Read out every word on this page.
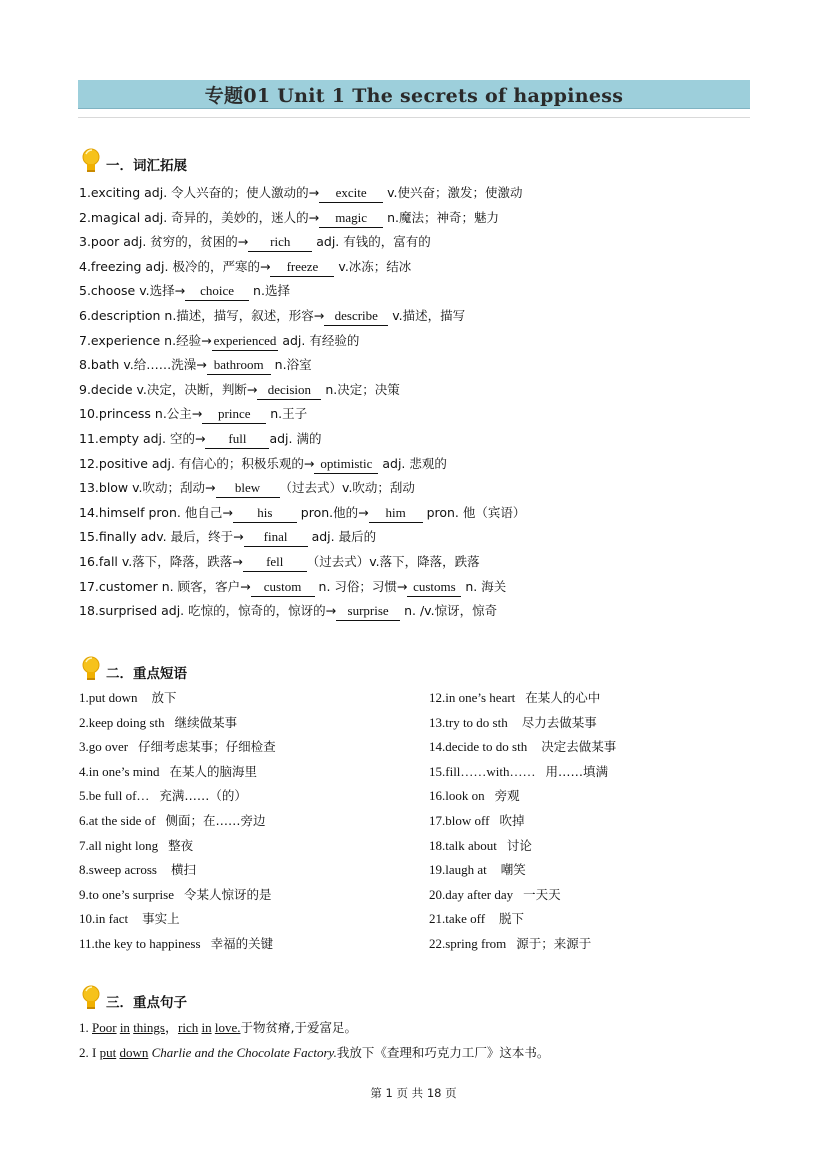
专题01 Unit 1 The secrets of happiness
一．词汇拓展
1.exciting adj. 令人兴奋的；使人激动的→ excite v.使兴奋；激发；使激动
2.magical adj. 奇异的，美妙的，迷人的→ magic n.魔法；神奇；魅力
3.poor adj. 贫穷的，贫困的→ rich adj. 有钱的，富有的
4.freezing adj. 极冷的，严寒的→ freeze v.冰冻；结冰
5.choose v.选择→ choice n.选择
6.description n.描述，描写，叙述，形容→ describe v.描述，描写
7.experience n.经验→ experienced adj. 有经验的
8.bath v.给……洗澡→ bathroom n.浴室
9.decide v.决定，决断，判断→ decision n.决定；决策
10.princess n.公主→ prince n.王子
11.empty adj. 空的→ full adj. 满的
12.positive adj. 有信心的；积极乐观的→ optimistic adj. 悲观的
13.blow v.吹动；刮动→ blew （过去式）v.吹动；刮动
14.himself pron. 他自己→ his pron.他的→ him pron. 他（宾语）
15.finally adv. 最后，终于→ final adj. 最后的
16.fall v.落下，降落，跌落→ fell （过去式）v.落下，降落，跌落
17.customer n. 顾客，客户→ custom n. 习俗；习惯→ customs n. 海关
18.surprised adj. 吃惊的，惊奇的，惊讶的→ surprise n. /v.惊讶，惊奇
二．重点短语
1.put down 放下
2.keep doing sth 继续做某事
3.go over 仔细考虑某事；仔细检查
4.in one’s mind 在某人的脑海里
5.be full of… 充满……（的）
6.at the side of 侧面；在……旁边
7.all night long 整夜
8.sweep across 横扫
9.to one’s surprise 令某人惊讶的是
10.in fact 事实上
11.the key to happiness 幸福的关键
12.in one’s heart 在某人的心中
13.try to do sth 尽力去做某事
14.decide to do sth 决定去做某事
15.fill……with…… 用……填满
16.look on 旁观
17.blow off 吹掉
18.talk about 讨论
19.laugh at 嘲笑
20.day after day 一天天
21.take off 脱下
22.spring from 源于；来源于
三．重点句子
1. Poor in things，rich in love.于物贫瘠,于爱富足。
2. I put down Charlie and the Chocolate Factory.我放下《查理和巧克力工厂》这本书。
第 1 页 共 18 页
